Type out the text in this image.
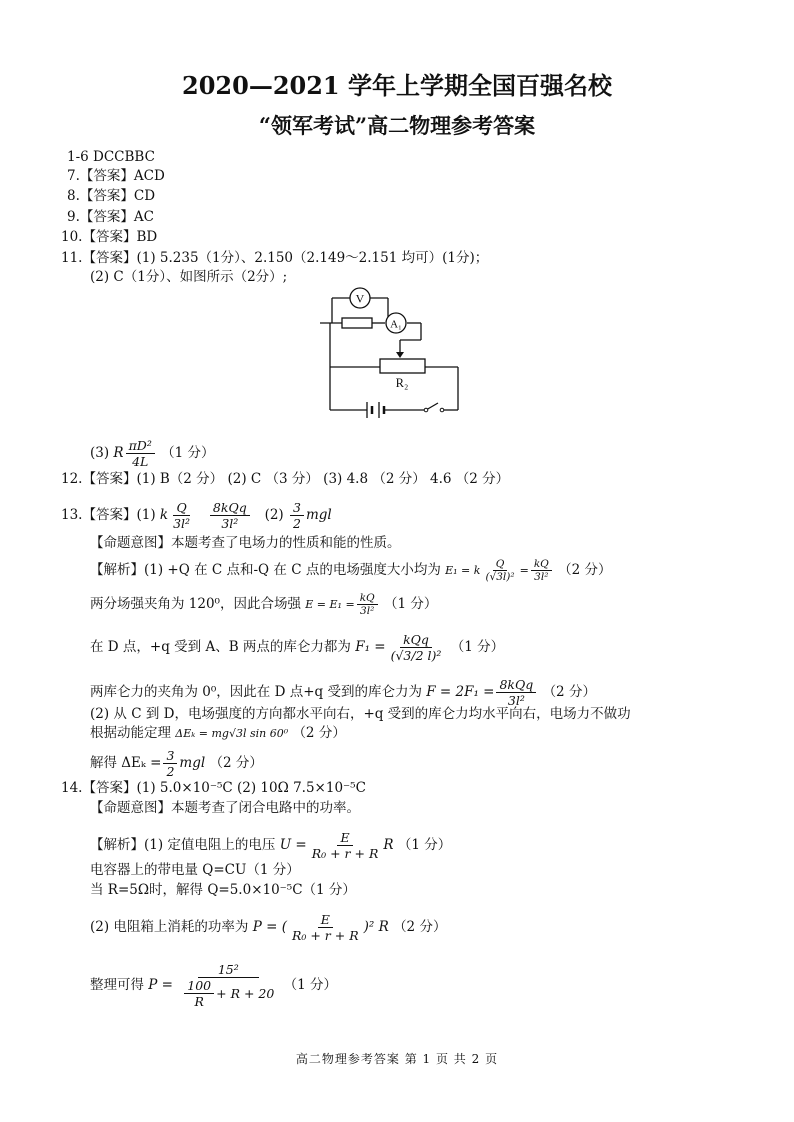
2020—2021 学年上学期全国百强名校
“领军考试”高二物理参考答案
1-6 DCCBBC
7.【答案】ACD
8.【答案】CD
9.【答案】AC
10.【答案】BD
11.【答案】(1) 5.235（1分）、2.150（2.149～2.151 均可）(1分)；
(2) C（1分）、如图所示（2分）;
V
A₁
R₂
(3) R $\frac{\text{πD²}}{4L} (1$ 分）
12.【答案】(1) B（2 分） (2) C （3 分） (3) 4.8 （2 分） 4.6 （2 分）
13.【答案】(1) k $\frac{Q}{\text{3l²}}$
$\frac{\text{8kQq}}{\text{3l²}} (2) \frac{3}{2}$ mgl
【命题意图】本题考查了电场力的性质和能的性质。
【解析】(1) +Q 在 C 点和-Q 在 C 点的电场强度大小均为 E₁ = k $\frac{Q}{\text{(√3l)²}} = \frac{kQ}{\text{3l²}} (2$ 分）
两分场强夹角为 120⁰，因此合场强 $E = E_1 = \frac{kQ}{\text{3l²}} (1$ 分）
在 D 点，+q 受到 A、B 两点的库仑力都为 $F_1 = \frac{\text{kQq}}{\text{(√3/2 l)²}} (1$ 分）
两库仑力的夹角为 0⁰，因此在 D 点+q 受到的库仑力为 $F = 2F_1 = \frac{\text{8kQq}}{\text{3l²}} (2$ 分）
(2) 从 C 到 D，电场强度的方向都水平向右，+q 受到的库仑力均水平向右，电场力不做功
根据动能定理 ΔEₖ = mg√3l sin 60⁰ （2 分）
解得 $\Delta E_k = \frac{3}{2}$ mgl （2 分）
14.【答案】(1) 5.0×10⁻⁵C (2) 10Ω 7.5×10⁻⁵C
【命题意图】本题考查了闭合电路中的功率。
【解析】(1) 定值电阻上的电压 $U = \frac{E}{\text{R₀ + r + R}}$ R （1 分）
电容器上的带电量 Q=CU（1 分）
当 R=5Ω时，解得 Q=5.0×10⁻⁵C（1 分）
(2) 电阻箱上消耗的功率为 P = ( $\frac{E}{\text{R₀ + r + R}} )^2$ R （2 分）
整理可得 $P = \frac{\text{15²}}{\frac{100}{R} + R + 20} (1$ 分）
高二物理参考答案 第 1 页 共 2 页
